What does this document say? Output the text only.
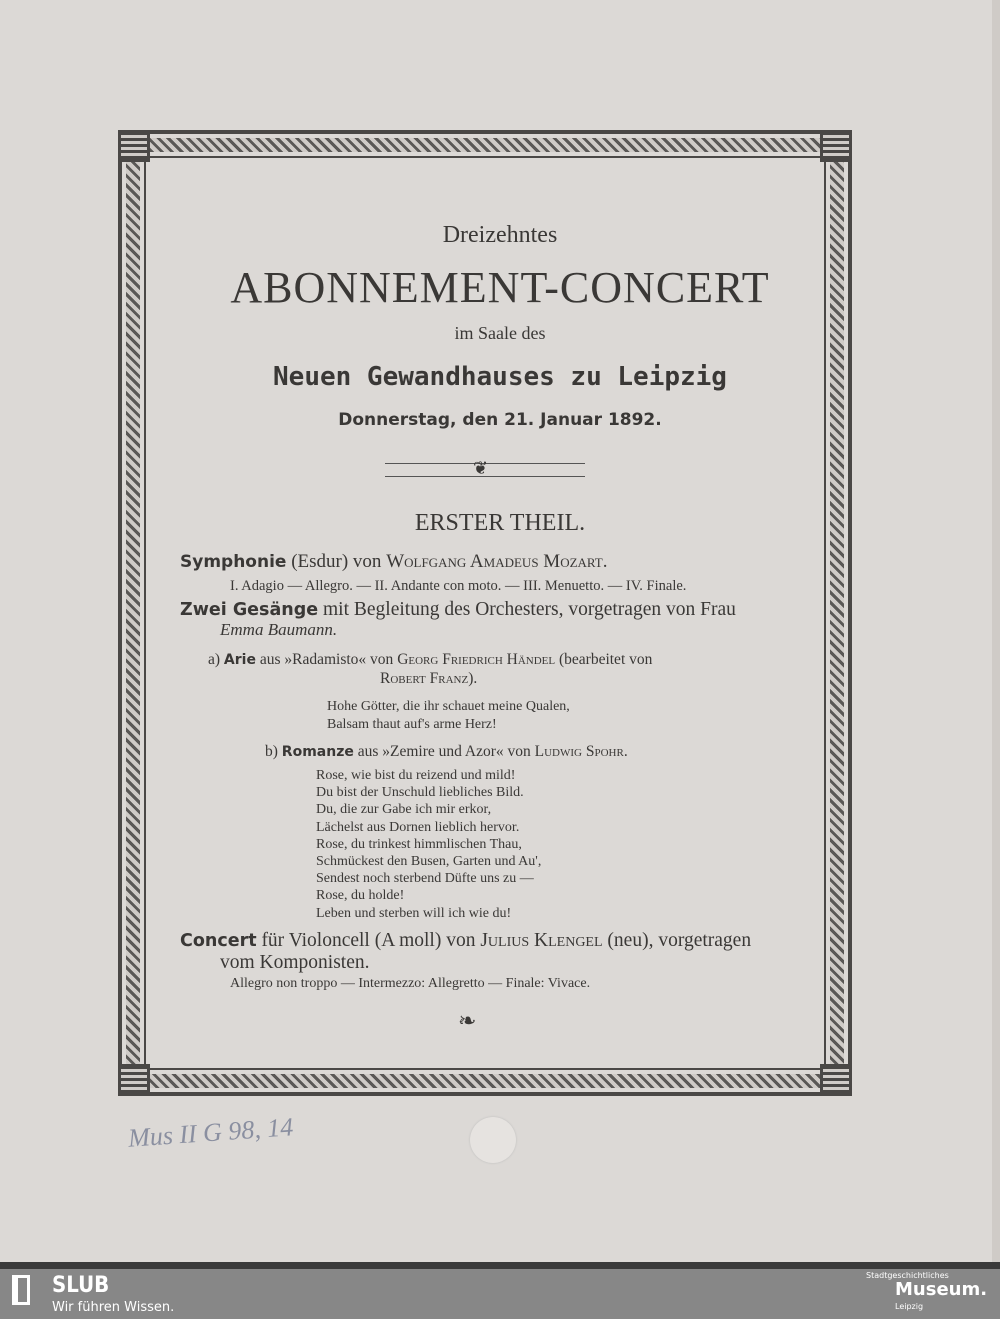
Dreizehntes
ABONNEMENT-CONCERT
im Saale des
Neuen Gewandhauses zu Leipzig
Donnerstag, den 21. Januar 1892.
❦
ERSTER THEIL.
Symphonie (Esdur) von Wolfgang Amadeus Mozart.
I. Adagio — Allegro. — II. Andante con moto. — III. Menuetto. — IV. Finale.
Zwei Gesänge mit Begleitung des Orchesters, vorgetragen von Frau
Emma Baumann.
a) Arie aus »Radamisto« von Georg Friedrich Händel (bearbeitet von
Robert Franz).
Hohe Götter, die ihr schauet meine Qualen,
Balsam thaut auf's arme Herz!
b) Romanze aus »Zemire und Azor« von Ludwig Spohr.
Rose, wie bist du reizend und mild!
Du bist der Unschuld liebliches Bild.
Du, die zur Gabe ich mir erkor,
Lächelst aus Dornen lieblich hervor.
Rose, du trinkest himmlischen Thau,
Schmückest den Busen, Garten und Au',
Sendest noch sterbend Düfte uns zu —
Rose, du holde!
Leben und sterben will ich wie du!
Concert für Violoncell (A moll) von Julius Klengel (neu), vorgetragen
vom Komponisten.
Allegro non troppo — Intermezzo: Allegretto — Finale: Vivace.
❧
Mus II G 98, 14
SLUB
Wir führen Wissen.
Stadtgeschichtliches
Museum.
Leipzig
